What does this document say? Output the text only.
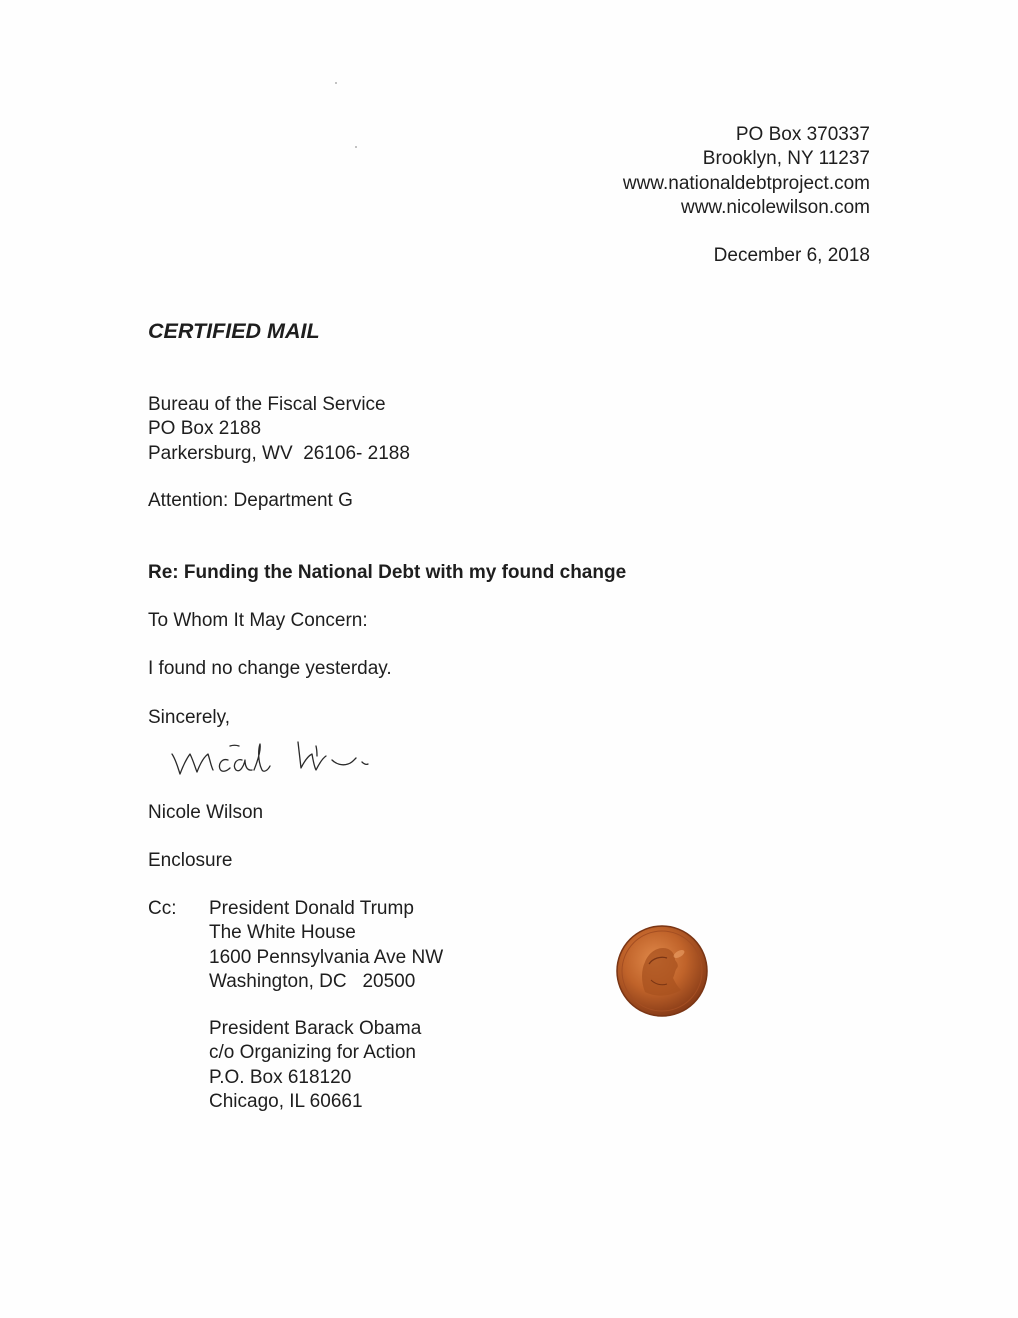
PO Box 370337
Brooklyn, NY 11237
www.nationaldebtproject.com
www.nicolewilson.com
December 6, 2018
CERTIFIED MAIL
Bureau of the Fiscal Service
PO Box 2188
Parkersburg, WV  26106- 2188
Attention: Department G
Re: Funding the National Debt with my found change
To Whom It May Concern:
I found no change yesterday.
Sincerely,
Nicole Wilson
Enclosure
Cc: President Donald Trump
The White House
1600 Pennsylvania Ave NW
Washington, DC   20500
President Barack Obama
c/o Organizing for Action
P.O. Box 618120
Chicago, IL 60661
